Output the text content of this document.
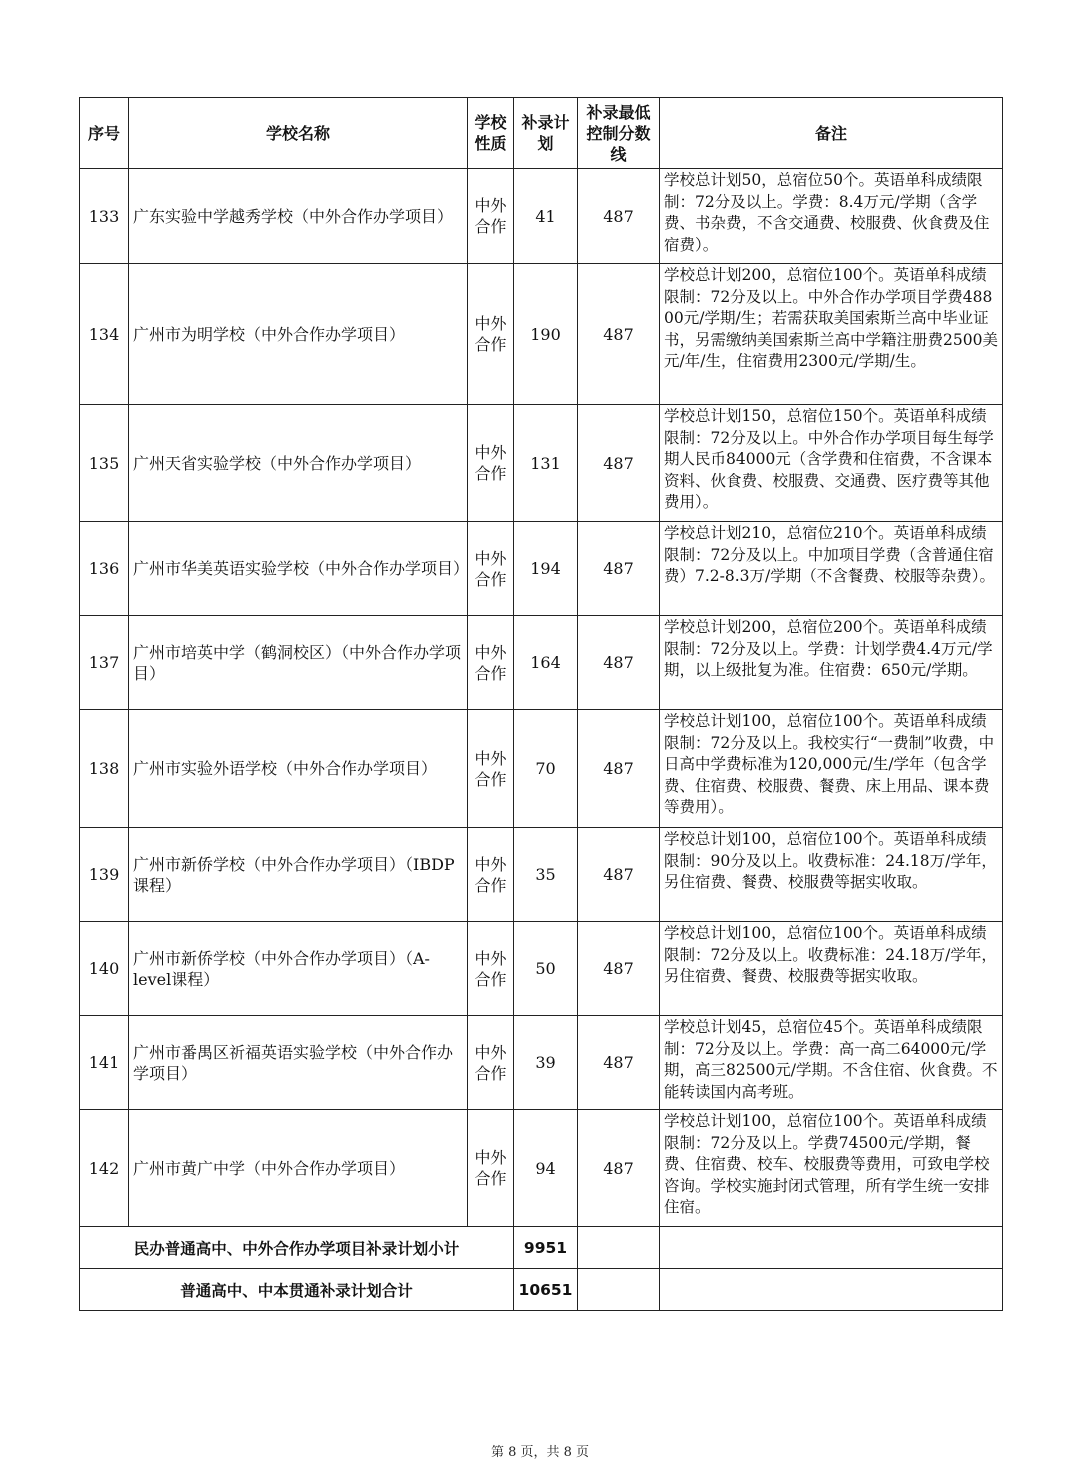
序号	学校名称	学校性质	补录计划	补录最低控制分数线	备注
133	广东实验中学越秀学校（中外合作办学项目）	中外合作	41	487	学校总计划50，总宿位50个。英语单科成绩限制：72分及以上。学费：8.4万元/学期（含学费、书杂费，不含交通费、校服费、伙食费及住宿费）。
134	广州市为明学校（中外合作办学项目）	中外合作	190	487	学校总计划200，总宿位100个。英语单科成绩限制：72分及以上。中外合作办学项目学费48800元/学期/生；若需获取美国索斯兰高中毕业证书，另需缴纳美国索斯兰高中学籍注册费2500美元/年/生，住宿费用2300元/学期/生。
135	广州天省实验学校（中外合作办学项目）	中外合作	131	487	学校总计划150，总宿位150个。英语单科成绩限制：72分及以上。中外合作办学项目每生每学期人民币84000元（含学费和住宿费，不含课本资料、伙食费、校服费、交通费、医疗费等其他费用）。
136	广州市华美英语实验学校（中外合作办学项目）	中外合作	194	487	学校总计划210，总宿位210个。英语单科成绩限制：72分及以上。中加项目学费（含普通住宿费）7.2-8.3万/学期（不含餐费、校服等杂费）。
137	广州市培英中学（鹤洞校区）（中外合作办学项目）	中外合作	164	487	学校总计划200，总宿位200个。英语单科成绩限制：72分及以上。学费：计划学费4.4万元/学期，以上级批复为准。住宿费：650元/学期。
138	广州市实验外语学校（中外合作办学项目）	中外合作	70	487	学校总计划100，总宿位100个。英语单科成绩限制：72分及以上。我校实行“一费制”收费，中日高中学费标准为120,000元/生/学年（包含学费、住宿费、校服费、餐费、床上用品、课本费等费用）。
139	广州市新侨学校（中外合作办学项目）（IBDP课程）	中外合作	35	487	学校总计划100，总宿位100个。英语单科成绩限制：90分及以上。收费标准：24.18万/学年，另住宿费、餐费、校服费等据实收取。
140	广州市新侨学校（中外合作办学项目）（A-level课程）	中外合作	50	487	学校总计划100，总宿位100个。英语单科成绩限制：72分及以上。收费标准：24.18万/学年，另住宿费、餐费、校服费等据实收取。
141	广州市番禺区祈福英语实验学校（中外合作办学项目）	中外合作	39	487	学校总计划45，总宿位45个。英语单科成绩限制：72分及以上。学费：高一高二64000元/学期，高三82500元/学期。不含住宿、伙食费。不能转读国内高考班。
142	广州市黄广中学（中外合作办学项目）	中外合作	94	487	学校总计划100，总宿位100个。英语单科成绩限制：72分及以上。学费74500元/学期，餐费、住宿费、校车、校服费等费用，可致电学校咨询。学校实施封闭式管理，所有学生统一安排住宿。
民办普通高中、中外合作办学项目补录计划小计			9951		
普通高中、中本贯通补录计划合计			10651		
第 8 页，共 8 页
